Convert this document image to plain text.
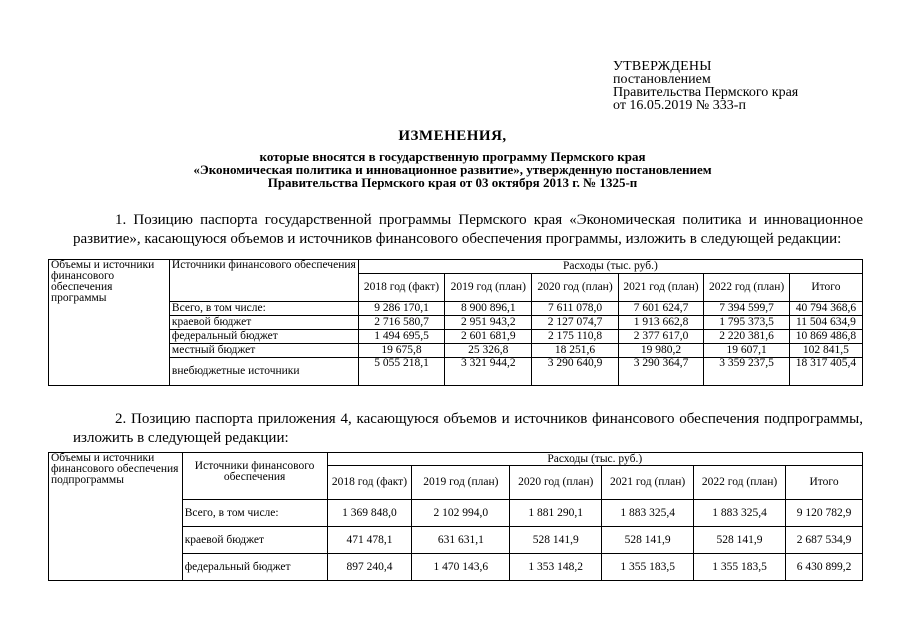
УТВЕРЖДЕНЫ
постановлением
Правительства Пермского края
от 16.05.2019 № 333-п
ИЗМЕНЕНИЯ,
которые вносятся в государственную программу Пермского края
«Экономическая политика и инновационное развитие», утвержденную постановлением
Правительства Пермского края от 03 октября 2013 г. № 1325-п
1. Позицию паспорта государственной программы Пермского края «Экономическая политика и инновационное развитие», касающуюся объемов и источников финансового обеспечения программы, изложить в следующей редакции:
Объемы и источники финансового обеспечения программы	Источники финансового обеспечения	Расходы (тыс. руб.)					
		2018 год (факт)	2019 год (план)	2020 год (план)	2021 год (план)	2022 год (план)	Итого
	Всего, в том числе:	9 286 170,1	8 900 896,1	7 611 078,0	7 601 624,7	7 394 599,7	40 794 368,6
	краевой бюджет	2 716 580,7	2 951 943,2	2 127 074,7	1 913 662,8	1 795 373,5	11 504 634,9
	федеральный бюджет	1 494 695,5	2 601 681,9	2 175 110,8	2 377 617,0	2 220 381,6	10 869 486,8
	местный бюджет	19 675,8	25 326,8	18 251,6	19 980,2	19 607,1	102 841,5
	внебюджетные источники	5 055 218,1	3 321 944,2	3 290 640,9	3 290 364,7	3 359 237,5	18 317 405,4
2. Позицию паспорта приложения 4, касающуюся объемов и источников финансового обеспечения подпрограммы, изложить в следующей редакции:
Объемы и источники финансового обеспечения подпрограммы	Источники финансового обеспечения	Расходы (тыс. руб.)					
		2018 год (факт)	2019 год (план)	2020 год (план)	2021 год (план)	2022 год (план)	Итого
	Всего, в том числе:	1 369 848,0	2 102 994,0	1 881 290,1	1 883 325,4	1 883 325,4	9 120 782,9
	краевой бюджет	471 478,1	631 631,1	528 141,9	528 141,9	528 141,9	2 687 534,9
	федеральный бюджет	897 240,4	1 470 143,6	1 353 148,2	1 355 183,5	1 355 183,5	6 430 899,2
